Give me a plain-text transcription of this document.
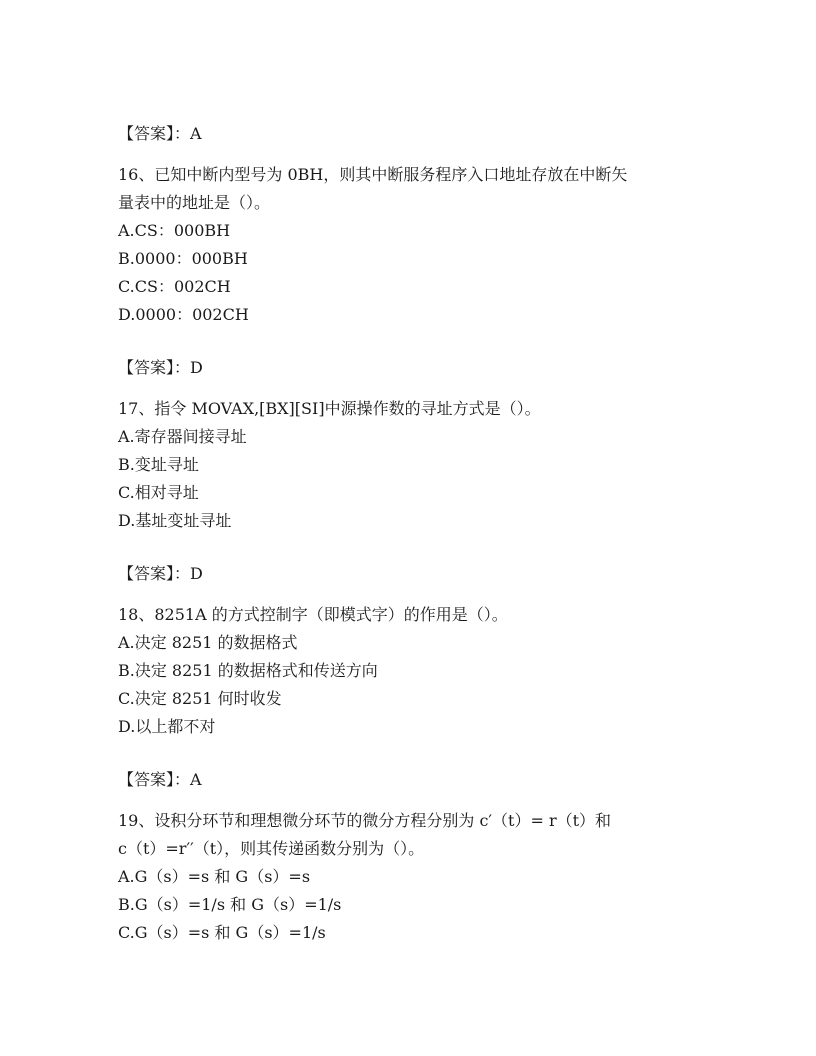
【答案】：A
16、已知中断内型号为 0BH，则其中断服务程序入口地址存放在中断矢
量表中的地址是（）。
A.CS：000BH
B.0000：000BH
C.CS：002CH
D.0000：002CH
【答案】：D
17、指令 MOVAX,[BX][SI]中源操作数的寻址方式是（）。
A.寄存器间接寻址
B.变址寻址
C.相对寻址
D.基址变址寻址
【答案】：D
18、8251A 的方式控制字（即模式字）的作用是（）。
A.决定 8251 的数据格式
B.决定 8251 的数据格式和传送方向
C.决定 8251 何时收发
D.以上都不对
【答案】：A
19、设积分环节和理想微分环节的微分方程分别为 c′（t）= r（t）和
c（t）=r′′（t），则其传递函数分别为（）。
A.G（s）=s 和 G（s）=s
B.G（s）=1/s 和 G（s）=1/s
C.G（s）=s 和 G（s）=1/s
